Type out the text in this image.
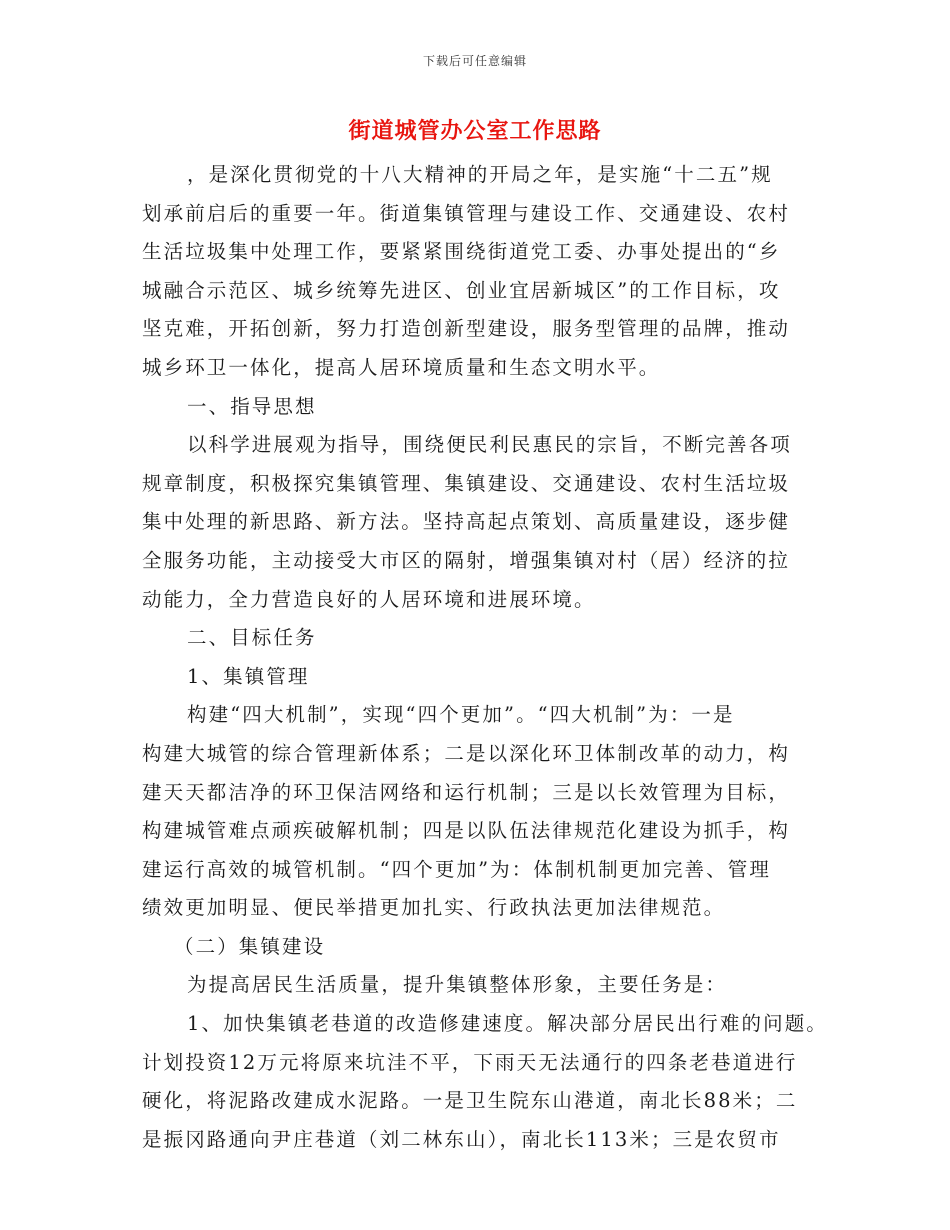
下载后可任意编辑
街道城管办公室工作思路
，是深化贯彻党的十八大精神的开局之年，是实施“十二五”规
划承前启后的重要一年。街道集镇管理与建设工作、交通建设、农村
生活垃圾集中处理工作，要紧紧围绕街道党工委、办事处提出的“乡
城融合示范区、城乡统筹先进区、创业宜居新城区”的工作目标，攻
坚克难，开拓创新，努力打造创新型建设，服务型管理的品牌，推动
城乡环卫一体化，提高人居环境质量和生态文明水平。
一、指导思想
以科学进展观为指导，围绕便民利民惠民的宗旨，不断完善各项
规章制度，积极探究集镇管理、集镇建设、交通建设、农村生活垃圾
集中处理的新思路、新方法。坚持高起点策划、高质量建设，逐步健
全服务功能，主动接受大市区的隔射，增强集镇对村（居）经济的拉
动能力，全力营造良好的人居环境和进展环境。
二、目标任务
1、集镇管理
构建“四大机制”，实现“四个更加”。“四大机制”为：一是
构建大城管的综合管理新体系；二是以深化环卫体制改革的动力，构
建天天都洁净的环卫保洁网络和运行机制；三是以长效管理为目标，
构建城管难点顽疾破解机制；四是以队伍法律规范化建设为抓手，构
建运行高效的城管机制。“四个更加”为：体制机制更加完善、管理
绩效更加明显、便民举措更加扎实、行政执法更加法律规范。
（二）集镇建设
为提高居民生活质量，提升集镇整体形象，主要任务是：
1、加快集镇老巷道的改造修建速度。解决部分居民出行难的问题。
计划投资12万元将原来坑洼不平，下雨天无法通行的四条老巷道进行
硬化，将泥路改建成水泥路。一是卫生院东山港道，南北长88米；二
是振冈路通向尹庄巷道（刘二林东山），南北长113米；三是农贸市
